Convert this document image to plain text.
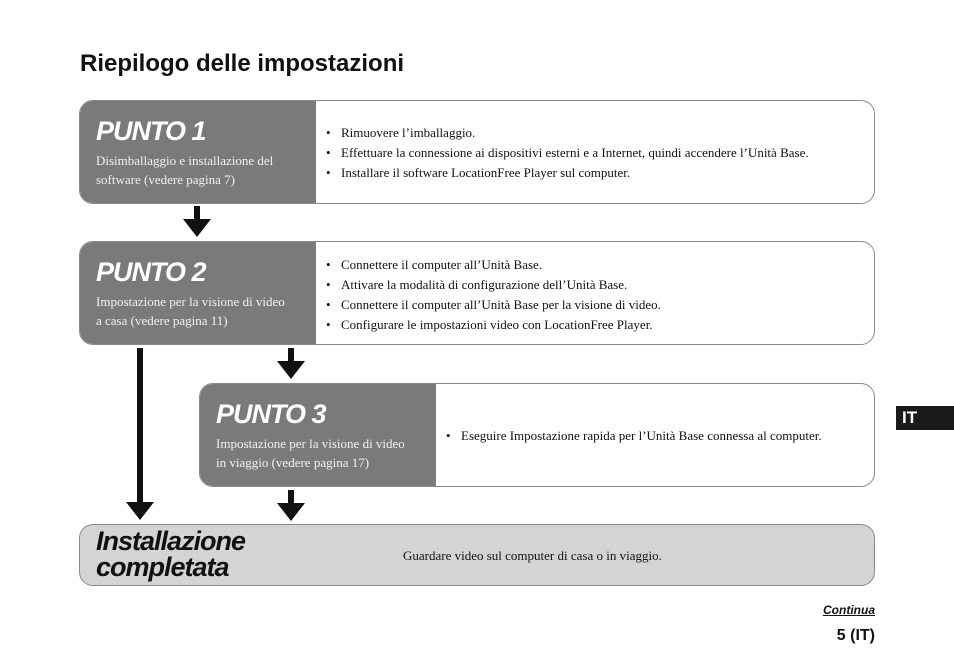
Riepilogo delle impostazioni
PUNTO 1
Disimballaggio e installazione del
software (vedere pagina 7)
• Rimuovere l’imballaggio.
• Effettuare la connessione ai dispositivi esterni e a Internet, quindi accendere l’Unità Base.
• Installare il software LocationFree Player sul computer.
PUNTO 2
Impostazione per la visione di video
a casa (vedere pagina 11)
• Connettere il computer all’Unità Base.
• Attivare la modalità di configurazione dell’Unità Base.
• Connettere il computer all’Unità Base per la visione di video.
• Configurare le impostazioni video con LocationFree Player.
PUNTO 3
Impostazione per la visione di video
in viaggio (vedere pagina 17)
• Eseguire Impostazione rapida per l’Unità Base connessa al computer.
Installazione
completata	Guardare video sul computer di casa o in viaggio.
IT
Continua
5 (IT)
